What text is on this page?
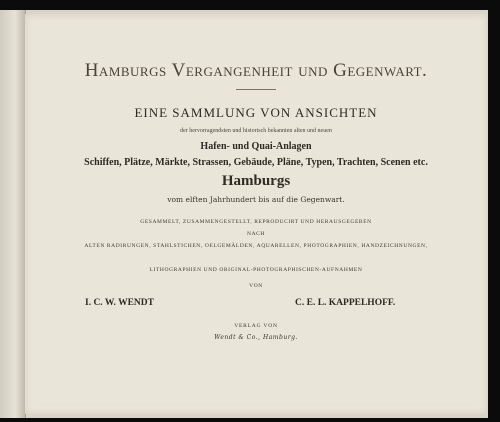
Hamburgs Vergangenheit und Gegenwart.
EINE SAMMLUNG VON ANSICHTEN
der hervorragendsten und historisch bekannten alten und neuen
Hafen- und Quai-Anlagen
Schiffen, Plätze, Märkte, Strassen, Gebäude, Pläne, Typen, Trachten, Scenen etc.
Hamburgs
vom elften Jahrhundert bis auf die Gegenwart.
GESAMMELT, ZUSAMMENGESTELLT, REPRODUCIRT UND HERAUSGEGEBEN
NACH
ALTEN RADIRUNGEN, STAHLSTICHEN, OELGEMÄLDEN, AQUARELLEN, PHOTOGRAPHIEN, HANDZEICHNUNGEN,
LITHOGRAPHIEN UND ORIGINAL-PHOTOGRAPHISCHEN-AUFNAHMEN
VON
I. C. W. WENDT	C. E. L. KAPPELHOFF.
VERLAG VON
Wendt & Co., Hamburg.
